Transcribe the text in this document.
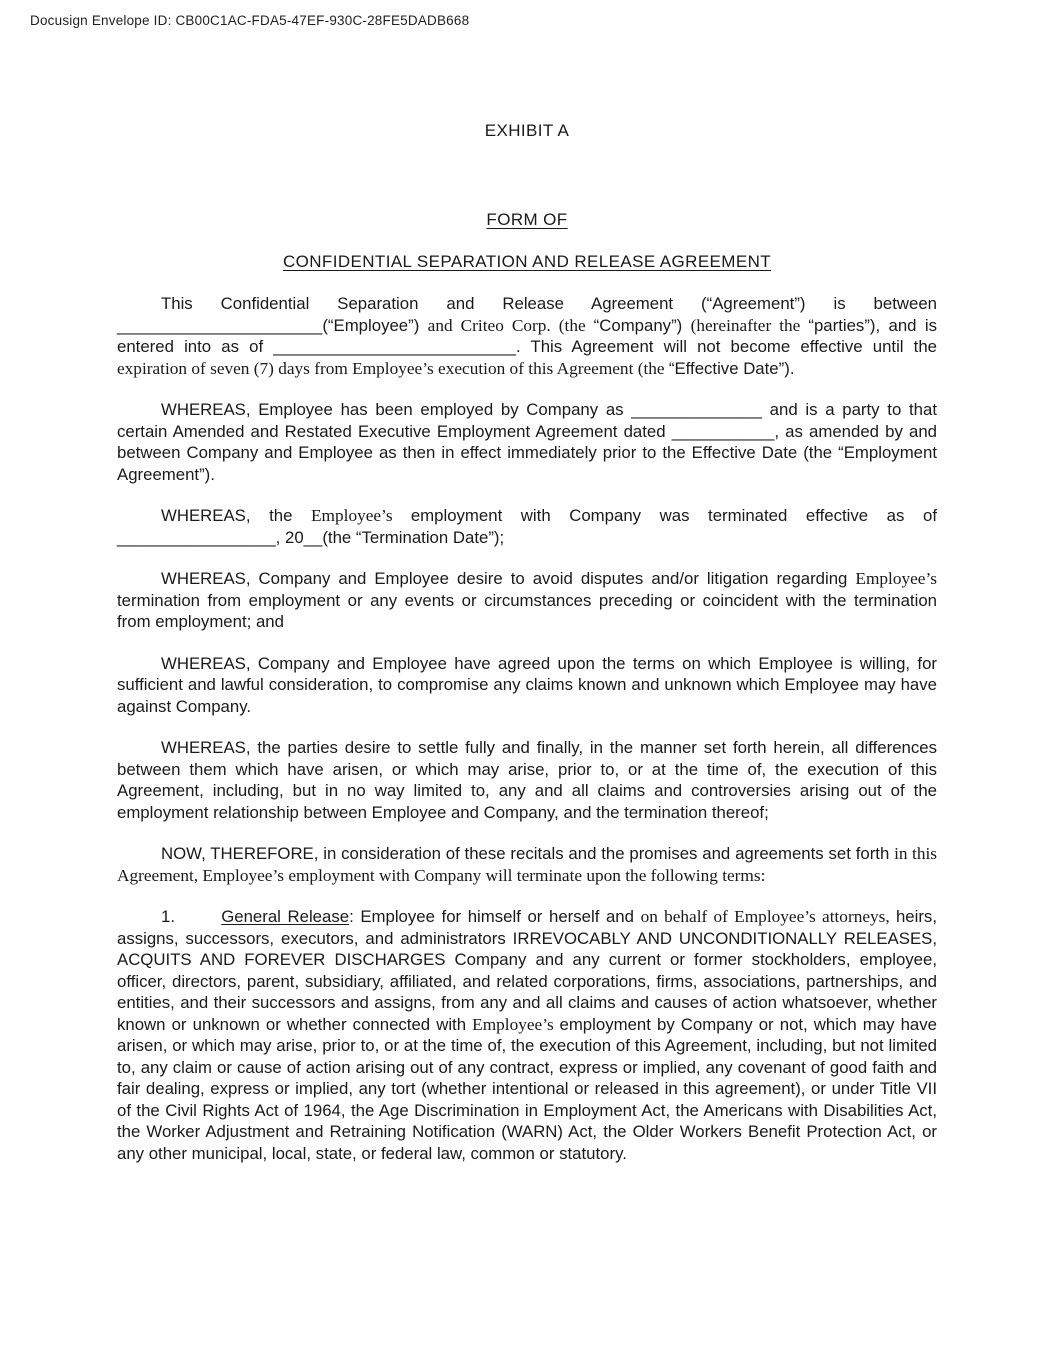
Docusign Envelope ID: CB00C1AC-FDA5-47EF-930C-28FE5DADB668

EXHIBIT A

FORM OF

CONFIDENTIAL SEPARATION AND RELEASE AGREEMENT

This Confidential Separation and Release Agreement (“Agreement”) is between ______________________(“Employee”) and Criteo Corp. (the “Company”) (hereinafter the “parties”), and is entered into as of __________________________. This Agreement will not become effective until the expiration of seven (7) days from Employee’s execution of this Agreement (the “Effective Date”).

WHEREAS, Employee has been employed by Company as ______________ and is a party to that certain Amended and Restated Executive Employment Agreement dated ___________, as amended by and between Company and Employee as then in effect immediately prior to the Effective Date (the “Employment Agreement”).

WHEREAS, the Employee’s employment with Company was terminated effective as of _________________, 20__(the “Termination Date”);

WHEREAS, Company and Employee desire to avoid disputes and/or litigation regarding Employee’s termination from employment or any events or circumstances preceding or coincident with the termination from employment; and

WHEREAS, Company and Employee have agreed upon the terms on which Employee is willing, for sufficient and lawful consideration, to compromise any claims known and unknown which Employee may have against Company.

WHEREAS, the parties desire to settle fully and finally, in the manner set forth herein, all differences between them which have arisen, or which may arise, prior to, or at the time of, the execution of this Agreement, including, but in no way limited to, any and all claims and controversies arising out of the employment relationship between Employee and Company, and the termination thereof;

NOW, THEREFORE, in consideration of these recitals and the promises and agreements set forth in this Agreement, Employee’s employment with Company will terminate upon the following terms:

1.       General Release: Employee for himself or herself and on behalf of Employee’s attorneys, heirs, assigns, successors, executors, and administrators IRREVOCABLY AND UNCONDITIONALLY RELEASES, ACQUITS AND FOREVER DISCHARGES Company and any current or former stockholders, employee, officer, directors, parent, subsidiary, affiliated, and related corporations, firms, associations, partnerships, and entities, and their successors and assigns, from any and all claims and causes of action whatsoever, whether known or unknown or whether connected with Employee’s employment by Company or not, which may have arisen, or which may arise, prior to, or at the time of, the execution of this Agreement, including, but not limited to, any claim or cause of action arising out of any contract, express or implied, any covenant of good faith and fair dealing, express or implied, any tort (whether intentional or released in this agreement), or under Title VII of the Civil Rights Act of 1964, the Age Discrimination in Employment Act, the Americans with Disabilities Act, the Worker Adjustment and Retraining Notification (WARN) Act, the Older Workers Benefit Protection Act, or any other municipal, local, state, or federal law, common or statutory.
